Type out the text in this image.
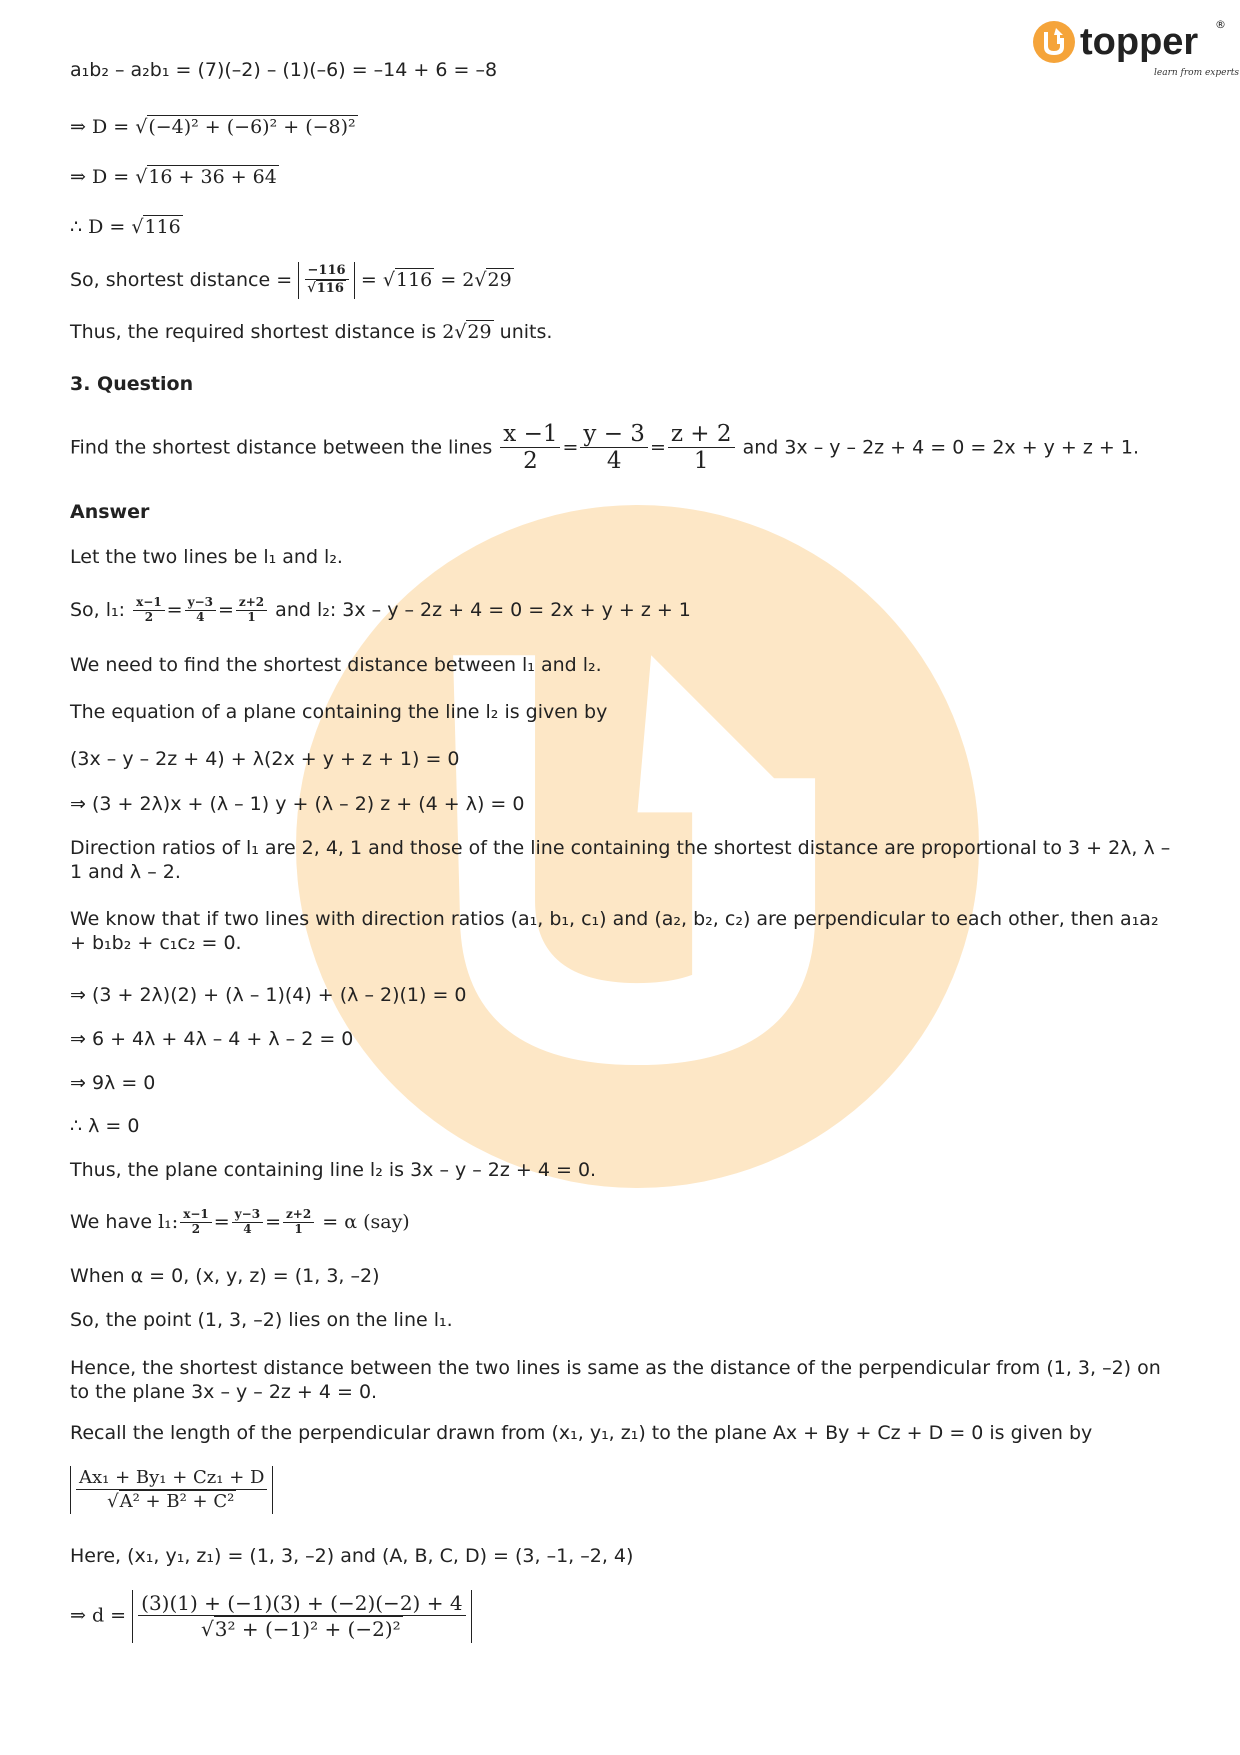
topper
learn from experts
®
a₁b₂ – a₂b₁ = (7)(–2) – (1)(–6) = –14 + 6 = –8
⇒ D = √(−4)² + (−6)² + (−8)²
⇒ D = √16 + 36 + 64
∴ D = √116
So, shortest distance = $\frac{-116}{√116} = √116 = 2√29$
Thus, the required shortest distance is 2√29 units.
3. Question
Find the shortest distance between the lines $\frac{x -1}{2} = \frac{y - 3}{4} = \frac{z + 2}{1}$ and 3x – y – 2z + 4 = 0 = 2x + y + z + 1.
Answer
Let the two lines be l₁ and l₂.
So, l₁: $\frac{x-1}{2} = \frac{y-3}{4} = \frac{z+2}{1}$ and l₂: 3x – y – 2z + 4 = 0 = 2x + y + z + 1
We need to find the shortest distance between l₁ and l₂.
The equation of a plane containing the line l₂ is given by
(3x – y – 2z + 4) + λ(2x + y + z + 1) = 0
⇒ (3 + 2λ)x + (λ – 1) y + (λ – 2) z + (4 + λ) = 0
Direction ratios of l₁ are 2, 4, 1 and those of the line containing the shortest distance are proportional to 3 + 2λ, λ – 1 and λ – 2.
We know that if two lines with direction ratios (a₁, b₁, c₁) and (a₂, b₂, c₂) are perpendicular to each other, then a₁a₂ + b₁b₂ + c₁c₂ = 0.
⇒ (3 + 2λ)(2) + (λ – 1)(4) + (λ – 2)(1) = 0
⇒ 6 + 4λ + 4λ – 4 + λ – 2 = 0
⇒ 9λ = 0
∴ λ = 0
Thus, the plane containing line l₂ is 3x – y – 2z + 4 = 0.
We have l₁: $\frac{x-1}{2} = \frac{y-3}{4} = \frac{z+2}{1} = \alpha$ (say)
When α = 0, (x, y, z) = (1, 3, –2)
So, the point (1, 3, –2) lies on the line l₁.
Hence, the shortest distance between the two lines is same as the distance of the perpendicular from (1, 3, –2) on to the plane 3x – y – 2z + 4 = 0.
Recall the length of the perpendicular drawn from (x₁, y₁, z₁) to the plane Ax + By + Cz + D = 0 is given by
$\frac{\text{Ax₁ + By₁ + Cz₁ + D}}{\text{√A² + B² + C²}}$
Here, (x₁, y₁, z₁) = (1, 3, –2) and (A, B, C, D) = (3, –1, –2, 4)
⇒ $d = \frac{(3)(1) + (-1)(3) + (-2)(-2) + 4}{\text{√3² + (−1)² + (−2)²}}$
